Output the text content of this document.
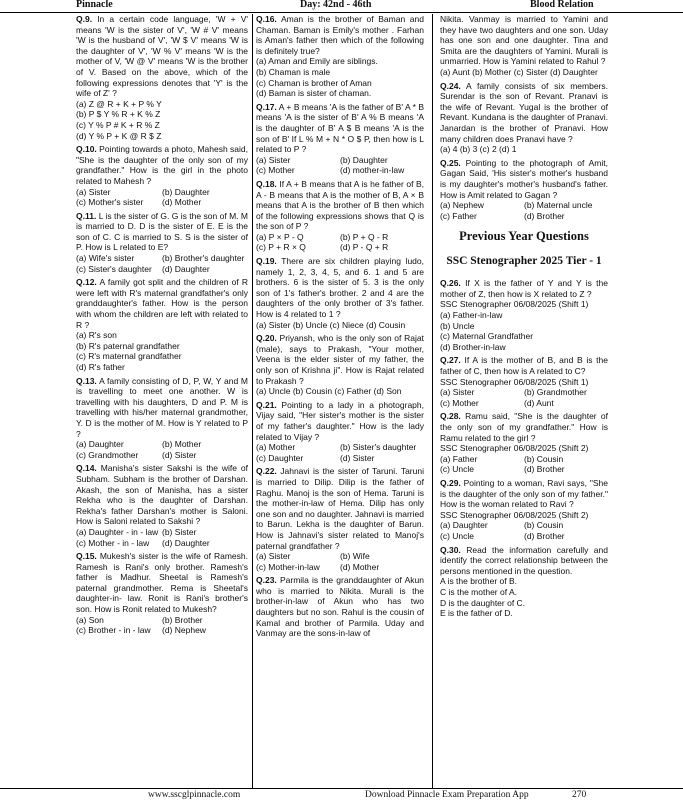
Pinnacle	Day: 42nd - 46th	Blood Relation
Q.9. In a certain code language, 'W + V' means 'W is the sister of V', 'W # V' means 'W is the husband of V', 'W $ V' means 'W is the daughter of V', 'W % V' means 'W is the mother of V, 'W @ V' means 'W is the brother of V. Based on the above, which of the following expressions denotes that 'Y' is the wife of Z' ?
(a) Z @ R + K + P % Y
(b) P $ Y % R + K % Z
(c) Y % P # K + R % Z
(d) Y % P + K @ R $ Z
Q.10. Pointing towards a photo, Mahesh said, "She is the daughter of the only son of my grandfather." How is the girl in the photo related to Mahesh ?
(a) Sister	(b) Daughter
(c) Mother's sister	(d) Mother
Q.11. L is the sister of G. G is the son of M. M is married to D. D is the sister of E. E is the son of C. C is married to S. S is the sister of P. How is L related to E?
(a) Wife's sister	(b) Brother's daughter
(c) Sister's daughter	(d) Daughter
Q.12. A family got split and the children of R were left with R's maternal grandfather's only granddaughter's father. How is the person with whom the children are left with related to R ?
(a) R's son
(b) R's paternal grandfather
(c) R's maternal grandfather
(d) R's father
Q.13. A family consisting of D, P, W, Y and M is travelling to meet one another. W is travelling with his daughters, D and P. M is travelling with his/her maternal grandmother, Y. D is the mother of M. How is Y related to P ?
(a) Daughter	(b) Mother
(c) Grandmother	(d) Sister
Q.14. Manisha's sister Sakshi is the wife of Subham. Subham is the brother of Darshan. Akash, the son of Manisha, has a sister Rekha who is the daughter of Darshan. Rekha's father Darshan's mother is Saloni. How is Saloni related to Sakshi ?
(a) Daughter - in - law (b) Sister
(c) Mother - in - law	(d) Daughter
Q.15. Mukesh's sister is the wife of Ramesh. Ramesh is Rani's only brother. Ramesh's father is Madhur. Sheetal is Ramesh's paternal grandmother. Rema is Sheetal's daughter-in- law. Ronit is Rani's brother's son. How is Ronit related to Mukesh?
(a) Son	(b) Brother
(c) Brother - in - law	(d) Nephew
Q.16. Aman is the brother of Baman and Chaman. Baman is Emily's mother . Farhan is Aman's father then which of the following is definitely true?
(a) Aman and Emily are siblings.
(b) Chaman is male
(c) Chaman is brother of Aman
(d) Baman is sister of chaman.
Q.17. A + B means 'A is the father of B' A * B means 'A is the sister of B' A % B means 'A is the daughter of B' A $ B means 'A is the son of B' If L % M + N * O $ P, then how is L related to P ?
(a) Sister	(b) Daughter
(c) Mother	(d) mother-in-law
Q.18. If A + B means that A is he father of B, A - B means that A is the mother of B, A × B means that A is the brother of B then which of the following expressions shows that Q is the son of P ?
(a) P × P - Q	(b) P + Q - R
(c) P + R × Q	(d) P - Q + R
Q.19. There are six children playing ludo, namely 1, 2, 3, 4, 5, and 6. 1 and 5 are brothers. 6 is the sister of 5. 3 is the only son of 1's father's brother. 2 and 4 are the daughters of the only brother of 3's father. How is 4 related to 1 ?
(a) Sister (b) Uncle (c) Niece (d) Cousin
Q.20. Priyansh, who is the only son of Rajat (male), says to Prakash, "Your mother, Veena is the elder sister of my father, the only son of Krishna ji". How is Rajat related to Prakash ?
(a) Uncle (b) Cousin (c) Father (d) Son
Q.21. Pointing to a lady in a photograph, Vijay said, "Her sister's mother is the sister of my father's daughter." How is the lady related to Vijay ?
(a) Mother	(b) Sister's daughter
(c) Daughter	(d) Sister
Q.22. Jahnavi is the sister of Taruni. Taruni is married to Dilip. Dilip is the father of Raghu. Manoj is the son of Hema. Taruni is the mother-in-law of Hema. Dilip has only one son and no daughter. Jahnavi is married to Barun. Lekha is the daughter of Barun. How is Jahnavi's sister related to Manoj's paternal grandfather ?
(a) Sister	(b) Wife
(c) Mother-in-law	(d) Mother
Q.23. Parmila is the granddaughter of Akun who is married to Nikita. Murali is the brother-in-law of Akun who has two daughters but no son. Rahul is the cousin of Kamal and brother of Parmila. Uday and Vanmay are the sons-in-law of
Nikita. Vanmay is married to Yamini and they have two daughters and one son. Uday has one son and one daughter. Tina and Smita are the daughters of Yamini. Murali is unmarried. How is Yamini related to Rahul ?
(a) Aunt (b) Mother (c) Sister (d) Daughter
Q.24. A family consists of six members. Surendar is the son of Revant. Pranavi is the wife of Revant. Yugal is the brother of Revant. Kundana is the daughter of Pranavi. Janardan is the brother of Pranavi. How many children does Pranavi have ?
(a) 4 (b) 3 (c) 2 (d) 1
Q.25. Pointing to the photograph of Amit, Gagan Said, 'His sister's mother's husband is my daughter's mother's husband's father. How is Amit related to Gagan ?
(a) Nephew	(b) Maternal uncle
(c) Father	(d) Brother
Previous Year Questions
SSC Stenographer 2025 Tier - 1
Q.26. If X is the father of Y and Y is the mother of Z, then how is X related to Z ?
SSC Stenographer 06/08/2025 (Shift 1)
(a) Father-in-law
(b) Uncle
(c) Maternal Grandfather
(d) Brother-in-law
Q.27. If A is the mother of B, and B is the father of C, then how is A related to C?
SSC Stenographer 06/08/2025 (Shift 1)
(a) Sister	(b) Grandmother
(c) Mother	(d) Aunt
Q.28. Ramu said, "She is the daughter of the only son of my grandfather." How is Ramu related to the girl ?
SSC Stenographer 06/08/2025 (Shift 2)
(a) Father	(b) Cousin
(c) Uncle	(d) Brother
Q.29. Pointing to a woman, Ravi says, "She is the daughter of the only son of my father." How is the woman related to Ravi ?
SSC Stenographer 06/08/2025 (Shift 2)
(a) Daughter	(b) Cousin
(c) Uncle	(d) Brother
Q.30. Read the information carefully and identify the correct relationship between the persons mentioned in the question.
A is the brother of B.
C is the mother of A.
D is the daughter of C.
E is the father of D.
www.sscglpinnacle.com	Download Pinnacle Exam Preparation App	270
